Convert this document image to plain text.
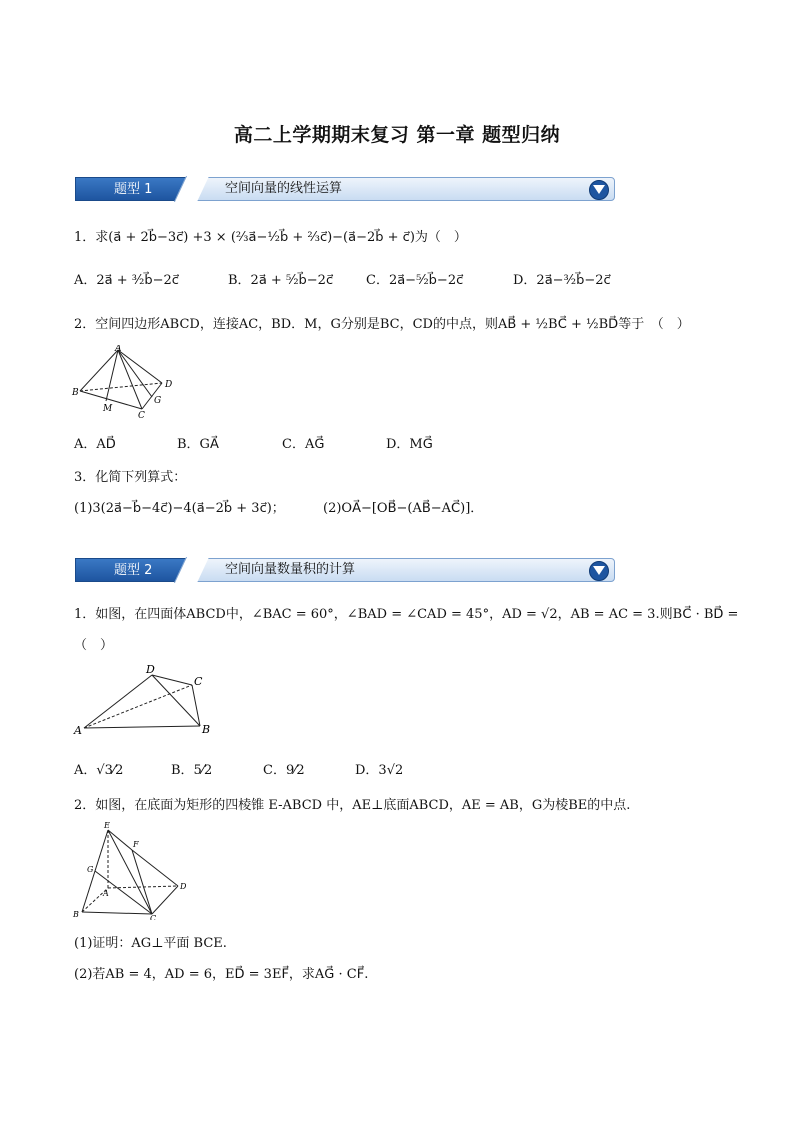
高二上学期期末复习 第一章 题型归纳
题型 1	空间向量的线性运算
1．求(a⃗ + 2b⃗−3c⃗) +3 × (²⁄₃a⃗−¹⁄₂b⃗ + ²⁄₃c⃗)−(a⃗−2b⃗ + c⃗)为（　）
A．2a⃗ + ³⁄₂b⃗−2c⃗	B．2a⃗ + ⁵⁄₂b⃗−2c⃗	C．2a⃗−⁵⁄₂b⃗−2c⃗	D．2a⃗−³⁄₂b⃗−2c⃗
2．空间四边形ABCD，连接AC，BD．M，G分别是BC，CD的中点，则AB⃗ + ½BC⃗ + ½BD⃗等于　（　）
A
B
C
D
M
G
A．AD⃗	B．GA⃗	C．AG⃗	D．MG⃗
3．化简下列算式：
(1)3(2a⃗−b⃗−4c⃗)−4(a⃗−2b⃗ + 3c⃗)；	(2)OA⃗−[OB⃗−(AB⃗−AC⃗)]．
题型 2	空间向量数量积的计算
1．如图，在四面体ABCD中，∠BAC = 60°，∠BAD = ∠CAD = 45°，AD = √2，AB = AC = 3.则BC⃗ · BD⃗ =
（　）
A	B
C
D
A．√3⁄2	B．5⁄2	C．9⁄2	D．3√2
2．如图，在底面为矩形的四棱锥 E-ABCD 中，AE⊥底面ABCD，AE = AB，G为棱BE的中点.
E
F
G
A
B	C
D
(1)证明：AG⊥平面 BCE.
(2)若AB = 4，AD = 6，ED⃗ = 3EF⃗，求AG⃗ · CF⃗.
